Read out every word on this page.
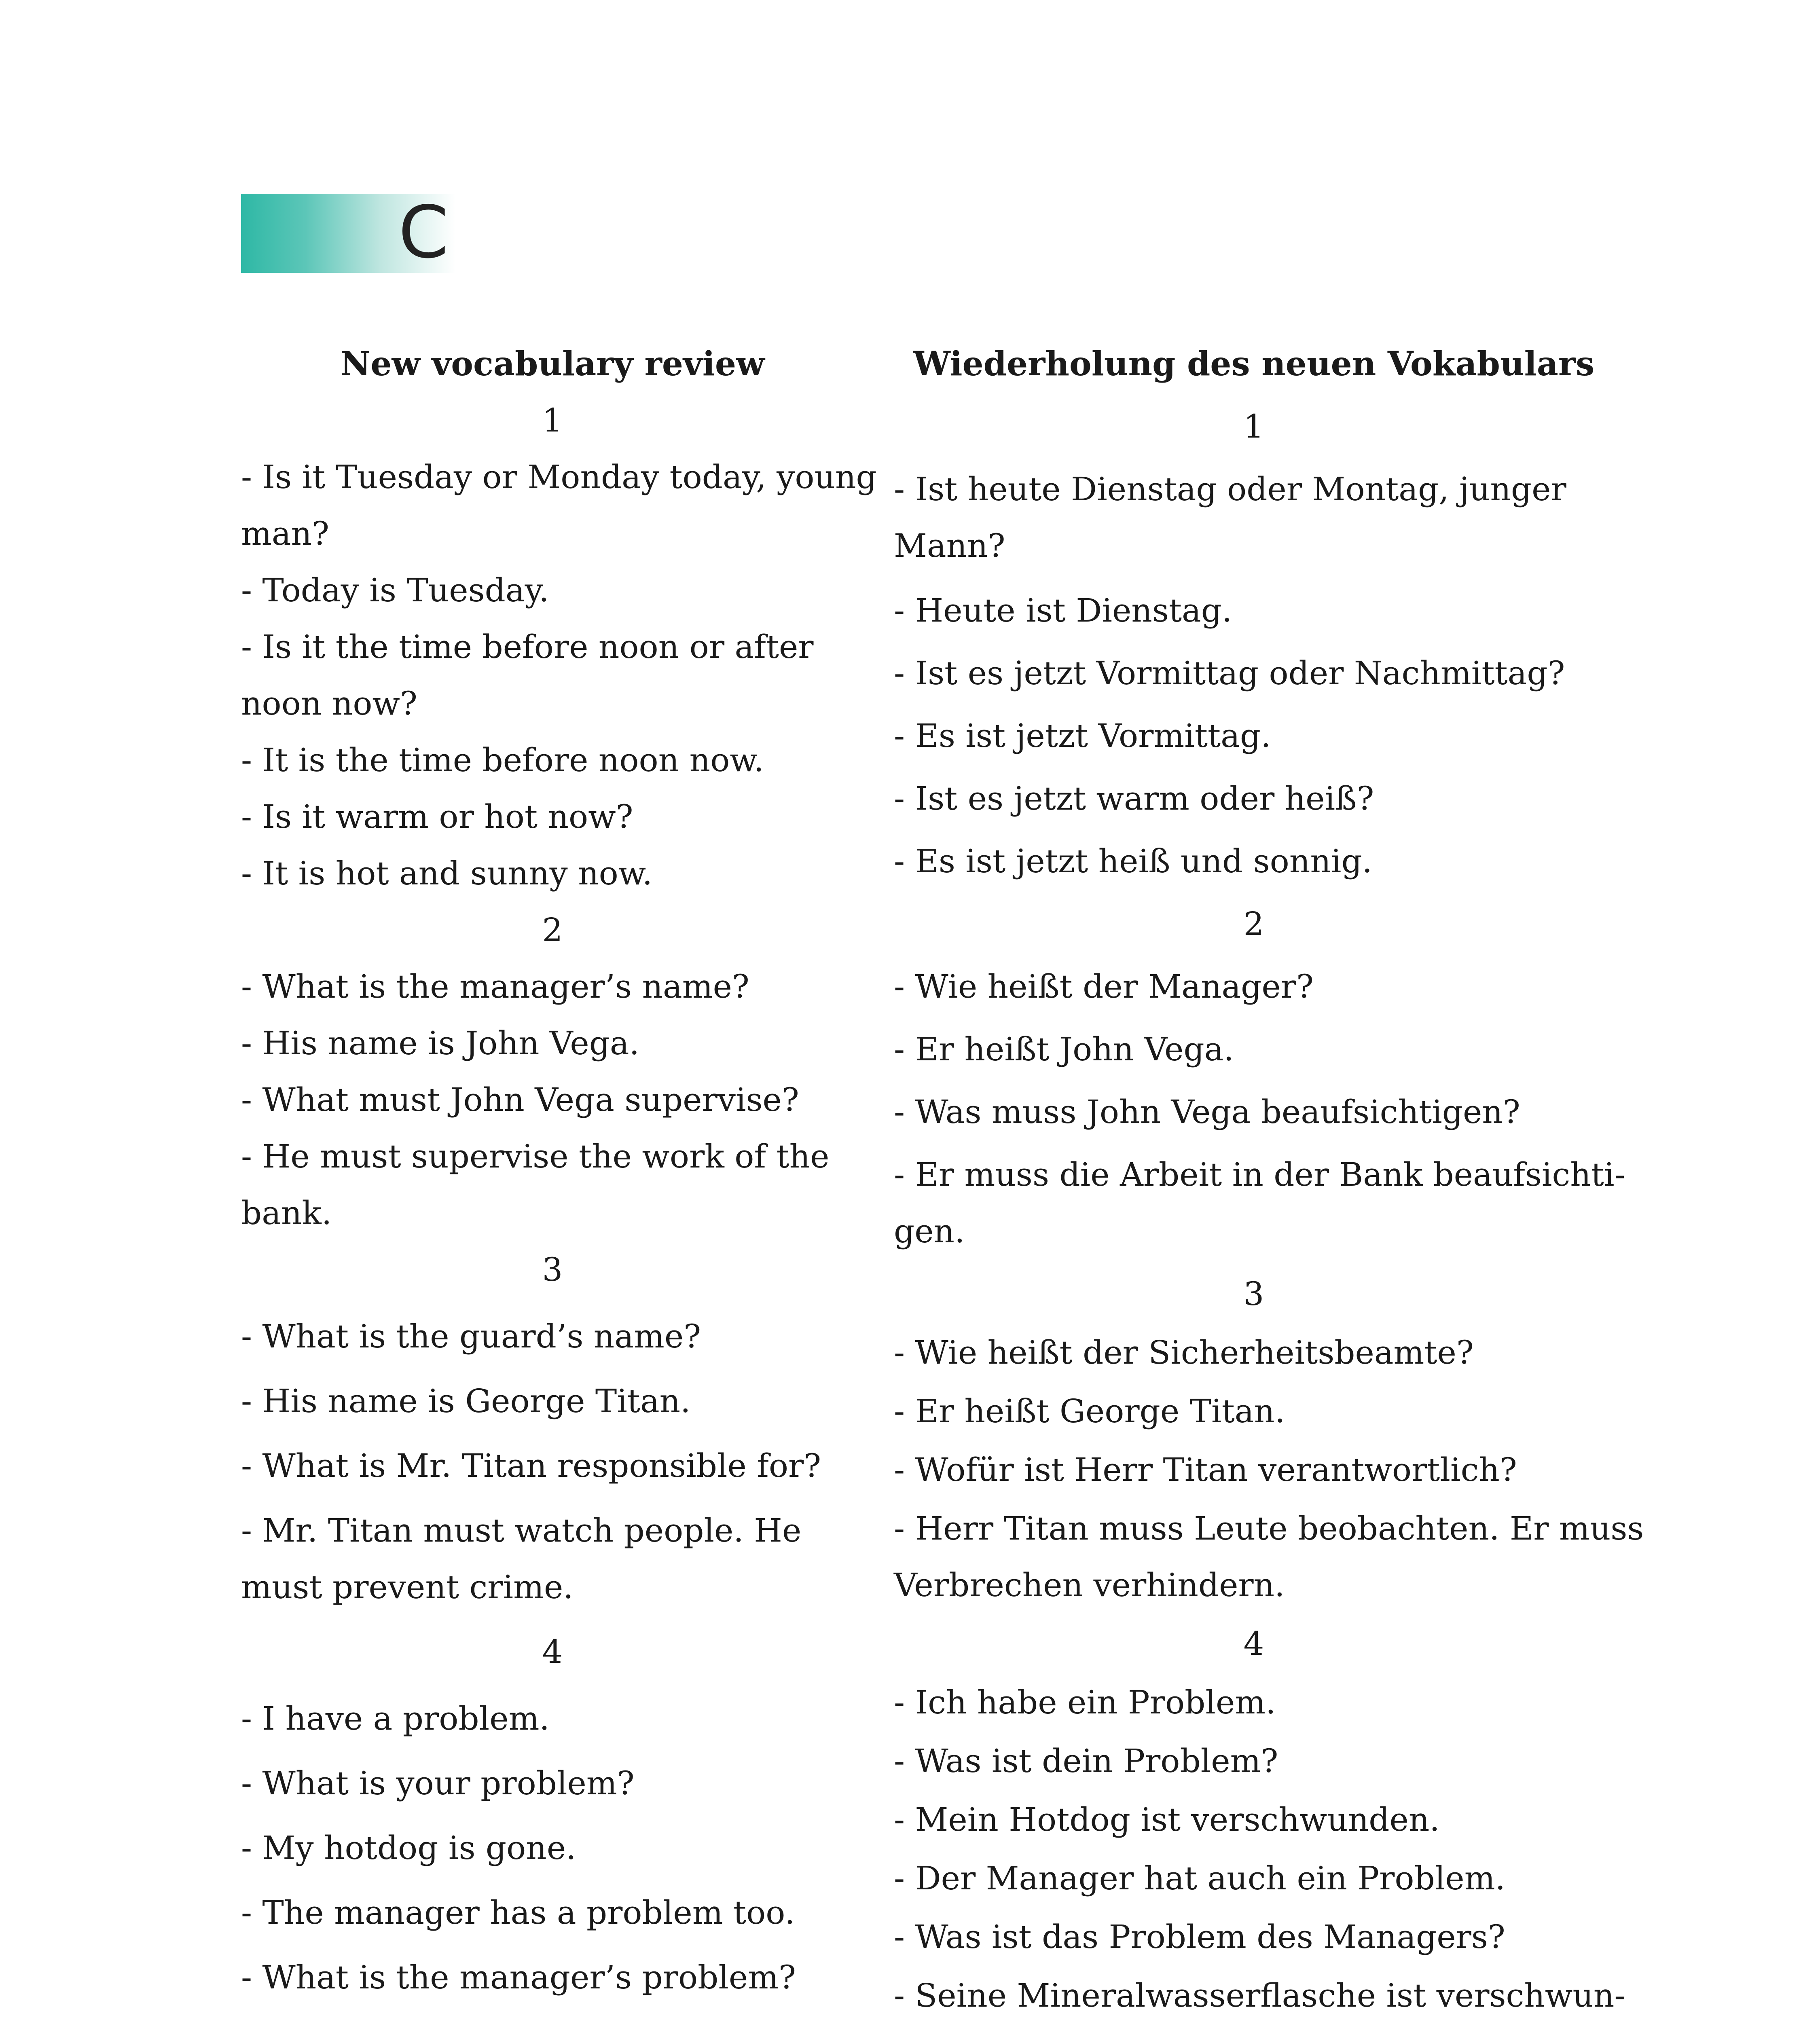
C
New vocabulary review
1
- Is it Tuesday or Monday today, young
man?
- Today is Tuesday.
- Is it the time before noon or after
noon now?
- It is the time before noon now.
- Is it warm or hot now?
- It is hot and sunny now.
2
- What is the manager’s name?
- His name is John Vega.
- What must John Vega supervise?
- He must supervise the work of the
bank.
3
- What is the guard’s name?
- His name is George Titan.
- What is Mr. Titan responsible for?
- Mr. Titan must watch people. He
must prevent crime.
4
- I have a problem.
- What is your problem?
- My hotdog is gone.
- The manager has a problem too.
- What is the manager’s problem?
Wiederholung des neuen Vokabulars
1
- Ist heute Dienstag oder Montag, junger
Mann?
- Heute ist Dienstag.
- Ist es jetzt Vormittag oder Nachmittag?
- Es ist jetzt Vormittag.
- Ist es jetzt warm oder heiß?
- Es ist jetzt heiß und sonnig.
2
- Wie heißt der Manager?
- Er heißt John Vega.
- Was muss John Vega beaufsichtigen?
- Er muss die Arbeit in der Bank beaufsichti-
gen.
3
- Wie heißt der Sicherheitsbeamte?
- Er heißt George Titan.
- Wofür ist Herr Titan verantwortlich?
- Herr Titan muss Leute beobachten. Er muss
Verbrechen verhindern.
4
- Ich habe ein Problem.
- Was ist dein Problem?
- Mein Hotdog ist verschwunden.
- Der Manager hat auch ein Problem.
- Was ist das Problem des Managers?
- Seine Mineralwasserflasche ist verschwun-
